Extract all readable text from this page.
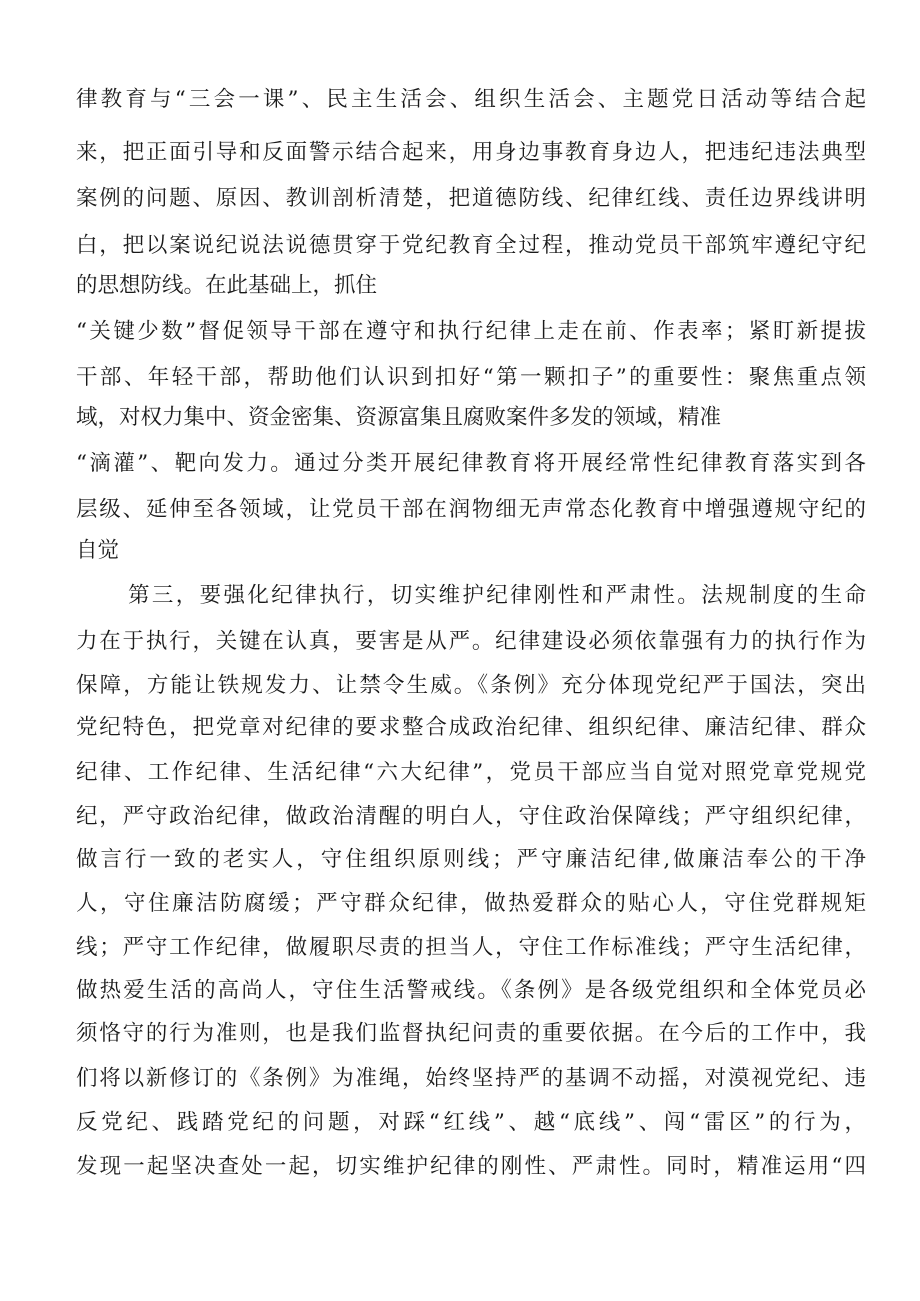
律教育与“三会一课”、民主生活会、组织生活会、主题党日活动等结合起
来，把正面引导和反面警示结合起来，用身边事教育身边人，把违纪违法典型
案例的问题、原因、教训剖析清楚，把道德防线、纪律红线、责任边界线讲明
白，把以案说纪说法说德贯穿于党纪教育全过程，推动党员干部筑牢遵纪守纪
的思想防线。在此基础上，抓住
“关键少数”督促领导干部在遵守和执行纪律上走在前、作表率；紧盯新提拔
干部、年轻干部，帮助他们认识到扣好“第一颗扣子”的重要性：聚焦重点领
域，对权力集中、资金密集、资源富集且腐败案件多发的领域，精准
“滴灌”、靶向发力。通过分类开展纪律教育将开展经常性纪律教育落实到各
层级、延伸至各领域，让党员干部在润物细无声常态化教育中增强遵规守纪的
自觉
第三，要强化纪律执行，切实维护纪律刚性和严肃性。法规制度的生命
力在于执行，关键在认真，要害是从严。纪律建设必须依靠强有力的执行作为
保障，方能让铁规发力、让禁令生威。《条例》充分体现党纪严于国法，突出
党纪特色，把党章对纪律的要求整合成政治纪律、组织纪律、廉洁纪律、群众
纪律、工作纪律、生活纪律“六大纪律”，党员干部应当自觉对照党章党规党
纪，严守政治纪律，做政治清醒的明白人，守住政治保障线；严守组织纪律，
做言行一致的老实人，守住组织原则线；严守廉洁纪律,做廉洁奉公的干净
人，守住廉洁防腐缓；严守群众纪律，做热爱群众的贴心人，守住党群规矩
线；严守工作纪律，做履职尽责的担当人，守住工作标准线；严守生活纪律，
做热爱生活的高尚人，守住生活警戒线。《条例》是各级党组织和全体党员必
须恪守的行为准则，也是我们监督执纪问责的重要依据。在今后的工作中，我
们将以新修订的《条例》为准绳，始终坚持严的基调不动摇，对漠视党纪、违
反党纪、践踏党纪的问题，对踩“红线”、越“底线”、闯“雷区”的行为，
发现一起坚决查处一起，切实维护纪律的刚性、严肃性。同时，精准运用“四
